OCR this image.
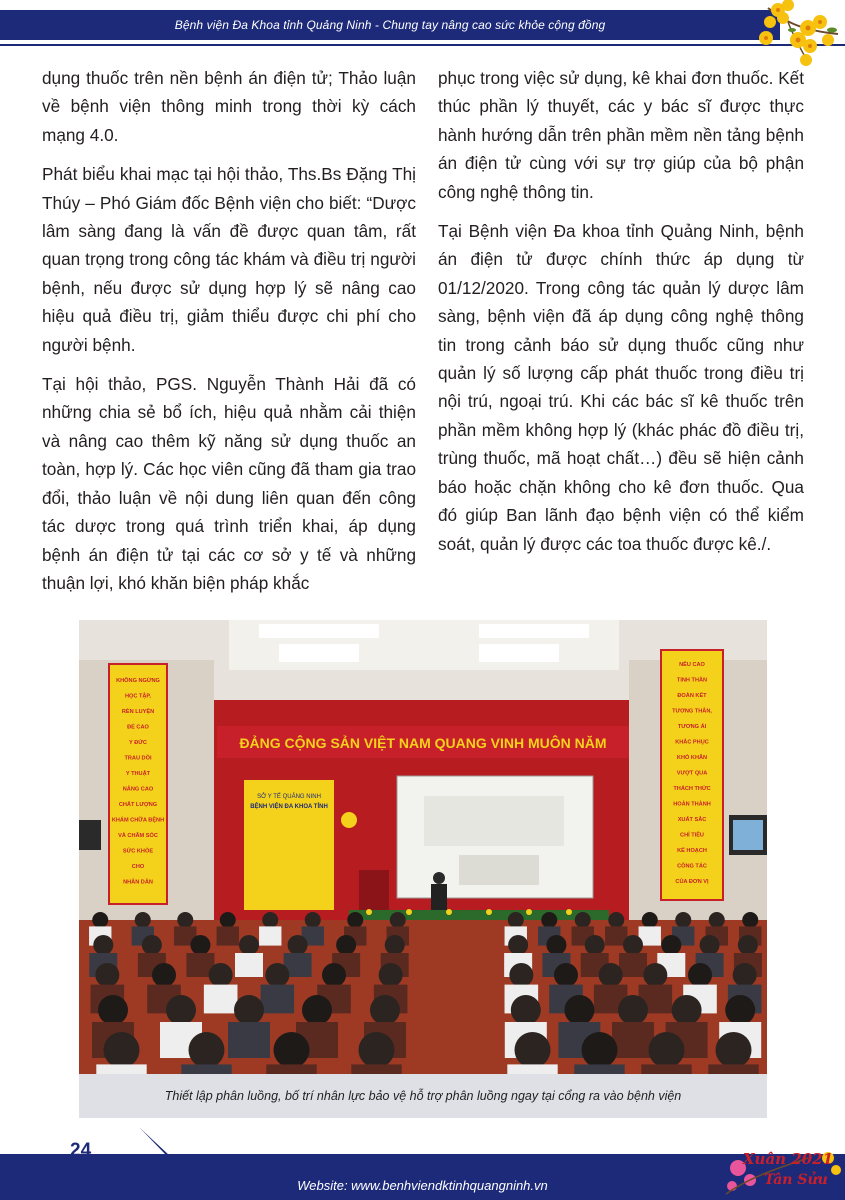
Bệnh viện Đa Khoa tỉnh Quảng Ninh - Chung tay nâng cao sức khỏe cộng đồng

dụng thuốc trên nền bệnh án điện tử; Thảo luận về bệnh viện thông minh trong thời kỳ cách mạng 4.0.

Phát biểu khai mạc tại hội thảo, Ths.Bs Đặng Thị Thúy – Phó Giám đốc Bệnh viện cho biết: “Dược lâm sàng đang là vấn đề được quan tâm, rất quan trọng trong công tác khám và điều trị người bệnh, nếu được sử dụng hợp lý sẽ nâng cao hiệu quả điều trị, giảm thiểu được chi phí cho người bệnh.

Tại hội thảo, PGS. Nguyễn Thành Hải đã có những chia sẻ bổ ích, hiệu quả nhằm cải thiện và nâng cao thêm kỹ năng sử dụng thuốc an toàn, hợp lý. Các học viên cũng đã tham gia trao đổi, thảo luận về nội dung liên quan đến công tác dược trong quá trình triển khai, áp dụng bệnh án điện tử tại các cơ sở y tế và những thuận lợi, khó khăn biện pháp khắc

phục trong việc sử dụng, kê khai đơn thuốc. Kết thúc phần lý thuyết, các y bác sĩ được thực hành hướng dẫn trên phần mềm nền tảng bệnh án điện tử cùng với sự trợ giúp của bộ phận công nghệ thông tin.

Tại Bệnh viện Đa khoa tỉnh Quảng Ninh, bệnh án điện tử được chính thức áp dụng từ 01/12/2020. Trong công tác quản lý dược lâm sàng, bệnh viện đã áp dụng công nghệ thông tin trong cảnh báo sử dụng thuốc cũng như quản lý số lượng cấp phát thuốc trong điều trị nội trú, ngoại trú. Khi các bác sĩ kê thuốc trên phần mềm không hợp lý (khác phác đồ điều trị, trùng thuốc, mã hoạt chất…) đều sẽ hiện cảnh báo hoặc chặn không cho kê đơn thuốc. Qua đó giúp Ban lãnh đạo bệnh viện có thể kiểm soát, quản lý được các toa thuốc được kê./.

ĐẢNG CỘNG SẢN VIỆT NAM QUANG VINH MUÔN NĂM
SỞ Y TẾ QUẢNG NINH
BỆNH VIỆN ĐA KHOA TỈNH
KHÔNG NGỪNG
HỌC TẬP,
RÈN LUYỆN
ĐỂ CAO
Y ĐỨC
TRAU DỒI
Y THUẬT
NÂNG CAO
CHẤT LƯỢNG
KHÁM CHỮA BỆNH
VÀ CHĂM SÓC
SỨC KHỎE
CHO
NHÂN DÂN
NÊU CAO
TINH THẦN
ĐOÀN KẾT
TƯƠNG THÂN,
TƯƠNG ÁI
KHẮC PHỤC
KHÓ KHĂN
VƯỢT QUA
THÁCH THỨC
HOÀN THÀNH
XUẤT SẮC
CHỈ TIÊU
KẾ HOẠCH
CÔNG TÁC
CỦA ĐƠN VỊ
Thiết lập phân luồng, bố trí nhân lực bảo vệ hỗ trợ phân luồng ngay tại cổng ra vào bệnh viện
24
Website: www.benhviendktinhquangninh.vn
Xuân 2021
Tân Sửu
